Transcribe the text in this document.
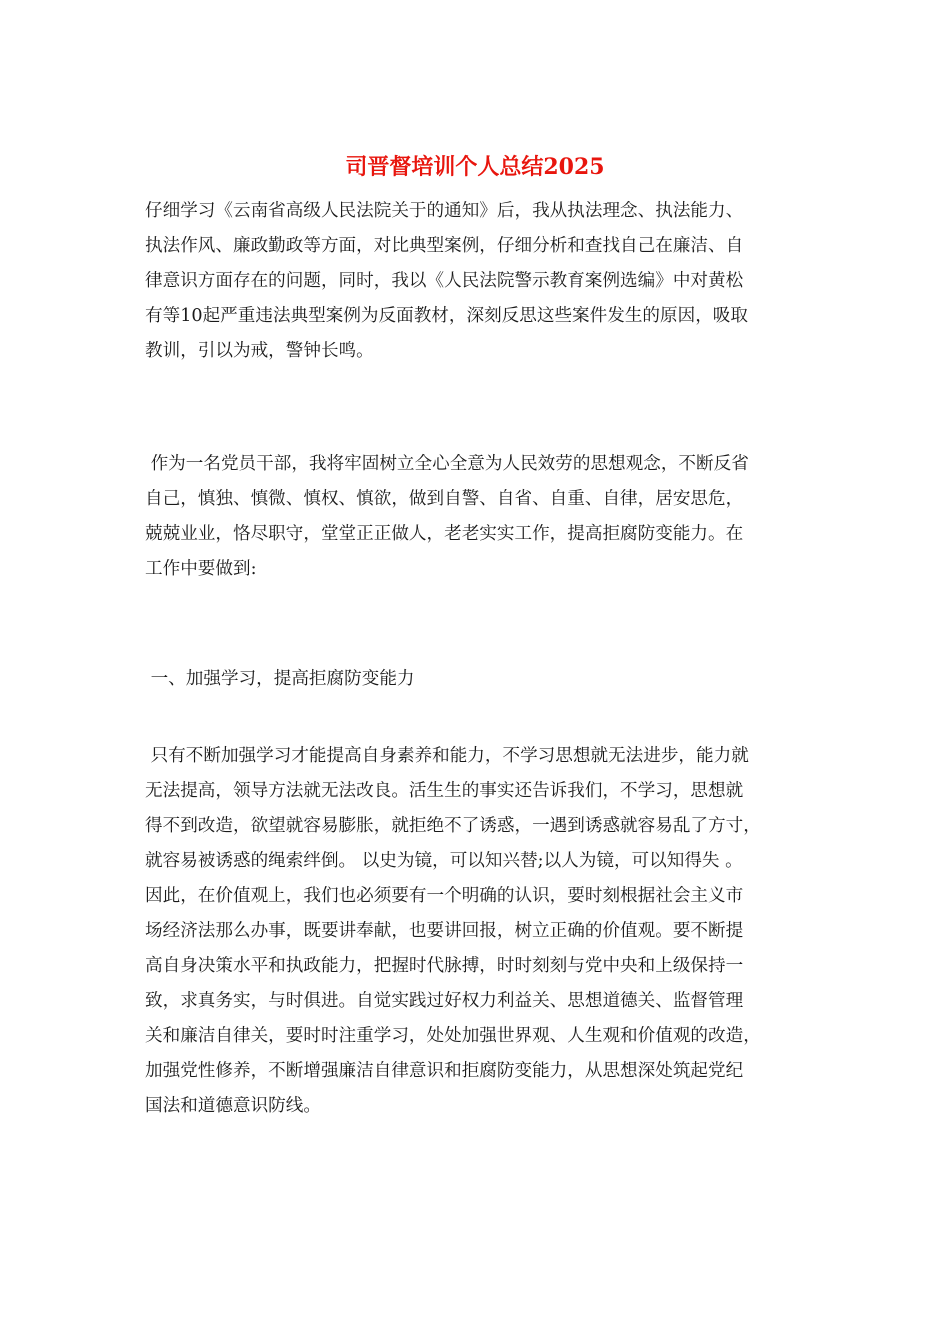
司晋督培训个人总结2025
仔细学习《云南省高级人民法院关于的通知》后，我从执法理念、执法能力、
执法作风、廉政勤政等方面，对比典型案例，仔细分析和查找自己在廉洁、自
律意识方面存在的问题，同时，我以《人民法院警示教育案例选编》中对黄松
有等10起严重违法典型案例为反面教材，深刻反思这些案件发生的原因，吸取
教训，引以为戒，警钟长鸣。
作为一名党员干部，我将牢固树立全心全意为人民效劳的思想观念，不断反省
自己，慎独、慎微、慎权、慎欲，做到自警、自省、自重、自律，居安思危，
兢兢业业，恪尽职守，堂堂正正做人，老老实实工作，提高拒腐防变能力。在
工作中要做到:
一、加强学习，提高拒腐防变能力
只有不断加强学习才能提高自身素养和能力，不学习思想就无法进步，能力就
无法提高，领导方法就无法改良。活生生的事实还告诉我们，不学习，思想就
得不到改造，欲望就容易膨胀，就拒绝不了诱惑，一遇到诱惑就容易乱了方寸，
就容易被诱惑的绳索绊倒。 以史为镜，可以知兴替;以人为镜，可以知得失 。
因此，在价值观上，我们也必须要有一个明确的认识，要时刻根据社会主义市
场经济法那么办事，既要讲奉献，也要讲回报，树立正确的价值观。要不断提
高自身决策水平和执政能力，把握时代脉搏，时时刻刻与党中央和上级保持一
致，求真务实，与时俱进。自觉实践过好权力利益关、思想道德关、监督管理
关和廉洁自律关，要时时注重学习，处处加强世界观、人生观和价值观的改造，
加强党性修养，不断增强廉洁自律意识和拒腐防变能力，从思想深处筑起党纪
国法和道德意识防线。
